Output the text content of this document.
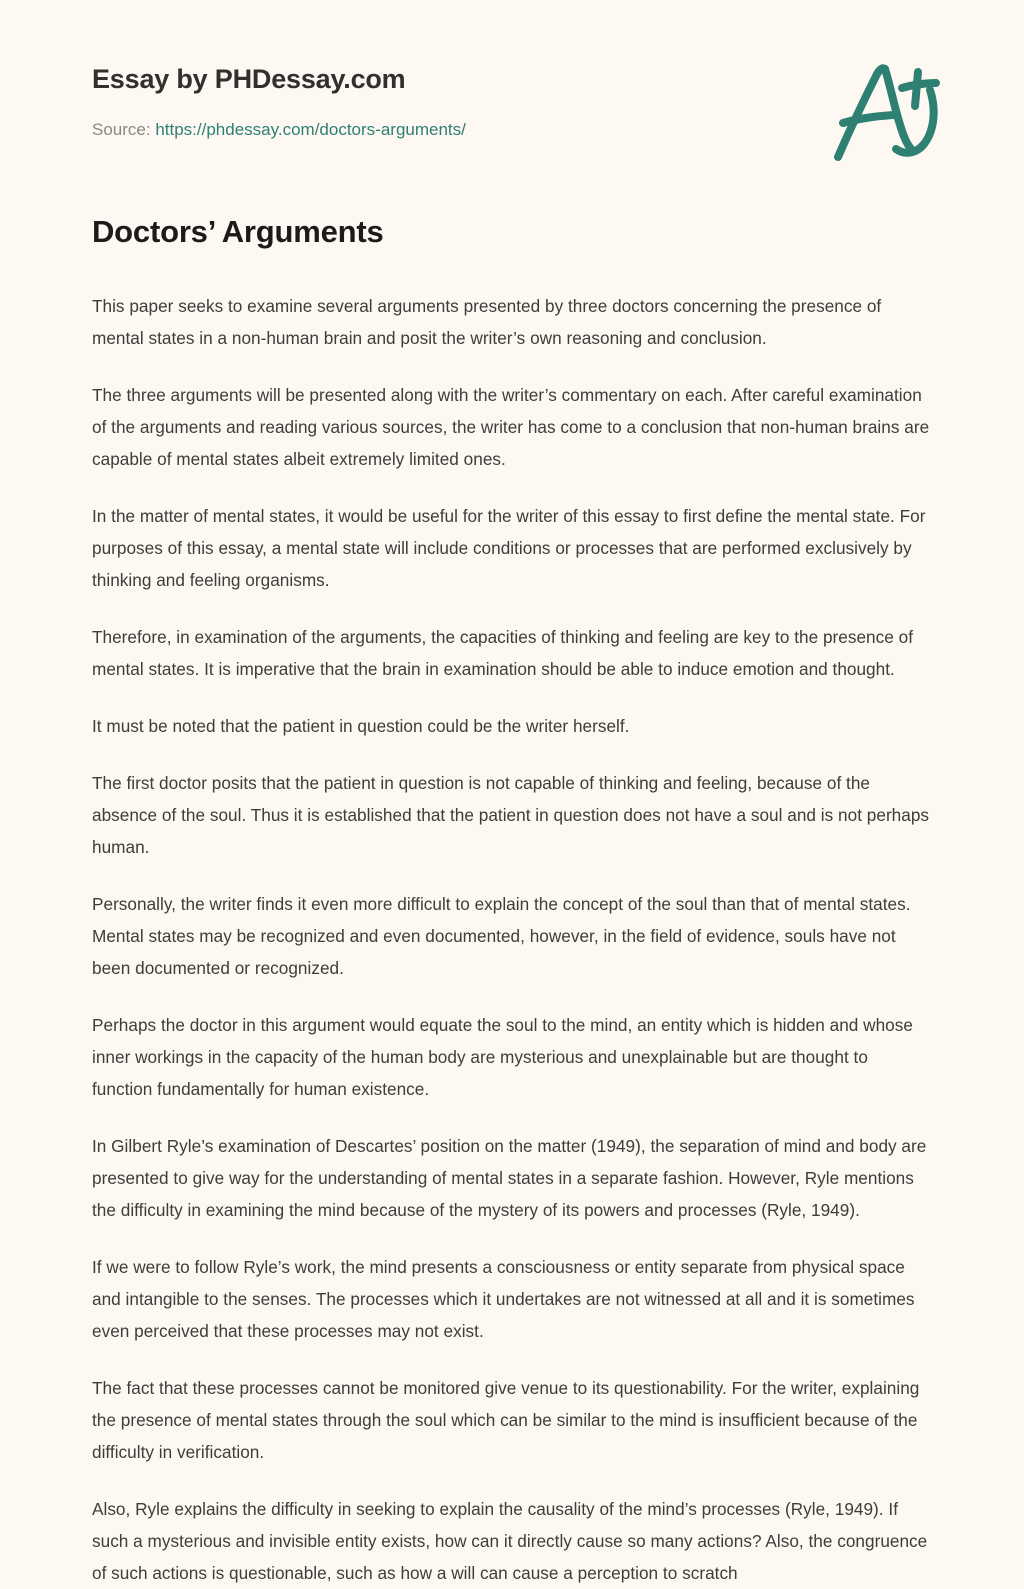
Essay by PHDessay.com
Source: https://phdessay.com/doctors-arguments/
Doctors’ Arguments

This paper seeks to examine several arguments presented by three doctors concerning the presence of mental states in a non-human brain and posit the writer’s own reasoning and conclusion.

The three arguments will be presented along with the writer’s commentary on each. After careful examination of the arguments and reading various sources, the writer has come to a conclusion that non-human brains are capable of mental states albeit extremely limited ones.

In the matter of mental states, it would be useful for the writer of this essay to first define the mental state. For purposes of this essay, a mental state will include conditions or processes that are performed exclusively by thinking and feeling organisms.

Therefore, in examination of the arguments, the capacities of thinking and feeling are key to the presence of mental states. It is imperative that the brain in examination should be able to induce emotion and thought.

It must be noted that the patient in question could be the writer herself.

The first doctor posits that the patient in question is not capable of thinking and feeling, because of the absence of the soul. Thus it is established that the patient in question does not have a soul and is not perhaps human.

Personally, the writer finds it even more difficult to explain the concept of the soul than that of mental states. Mental states may be recognized and even documented, however, in the field of evidence, souls have not been documented or recognized.

Perhaps the doctor in this argument would equate the soul to the mind, an entity which is hidden and whose inner workings in the capacity of the human body are mysterious and unexplainable but are thought to function fundamentally for human existence.

In Gilbert Ryle’s examination of Descartes’ position on the matter (1949), the separation of mind and body are presented to give way for the understanding of mental states in a separate fashion. However, Ryle mentions the difficulty in examining the mind because of the mystery of its powers and processes (Ryle, 1949).

If we were to follow Ryle’s work, the mind presents a consciousness or entity separate from physical space and intangible to the senses. The processes which it undertakes are not witnessed at all and it is sometimes even perceived that these processes may not exist.

The fact that these processes cannot be monitored give venue to its questionability. For the writer, explaining the presence of mental states through the soul which can be similar to the mind is insufficient because of the difficulty in verification.

Also, Ryle explains the difficulty in seeking to explain the causality of the mind’s processes (Ryle, 1949). If such a mysterious and invisible entity exists, how can it directly cause so many actions? Also, the congruence of such actions is questionable, such as how a will can cause a perception to scratch
